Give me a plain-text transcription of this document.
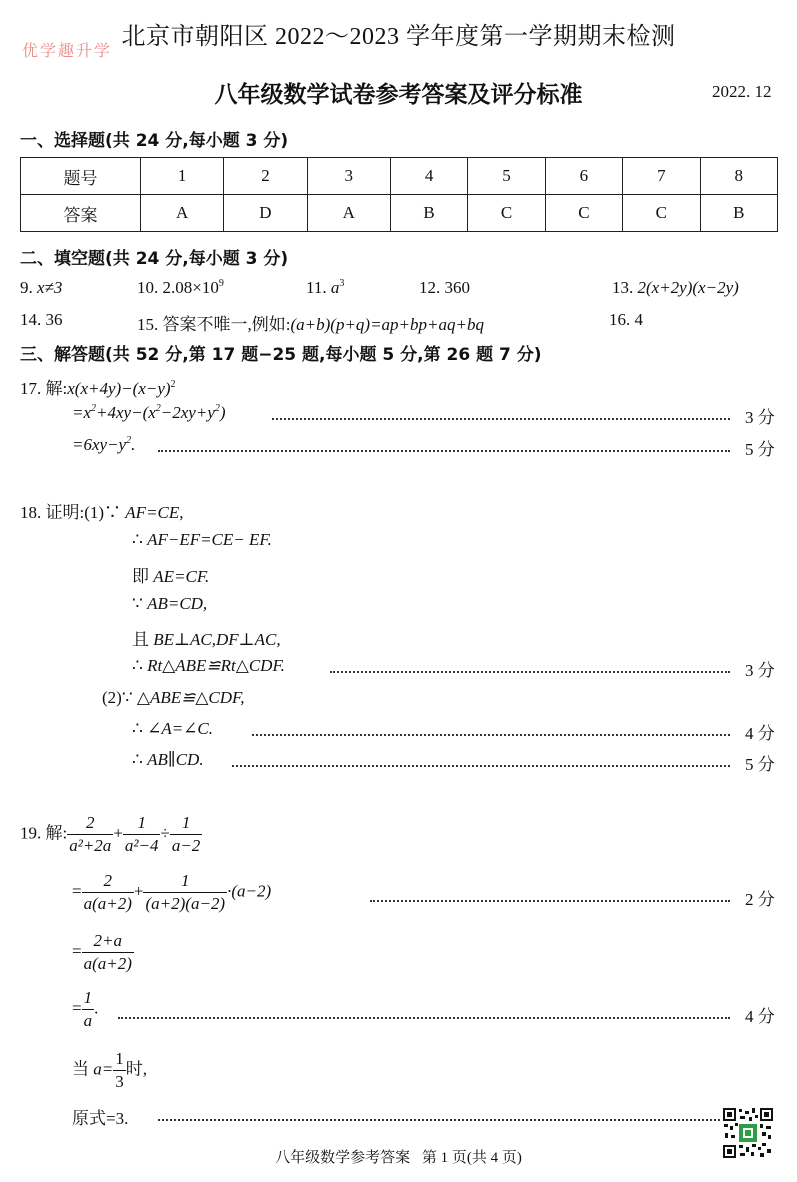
北京市朝阳区 2022～2023 学年度第一学期期末检测
优学趣升学
八年级数学试卷参考答案及评分标准	2022. 12
一、选择题(共 24 分,每小题 3 分)
题号	1	2	3	4	5	6	7	8
答案	A	D	A	B	C	C	C	B
二、填空题(共 24 分,每小题 3 分)
9. x≠3	10. $2.08\times 10^9$	11. $a^3$	12. 360	13. 2(x+2y)(x−2y)
14. 36	15. 答案不唯一,例如:(a+b)(p+q)=ap+bp+aq+bq	16. 4
三、解答题(共 52 分,第 17 题−25 题,每小题 5 分,第 26 题 7 分)
17. 解$:x(x+4y)-(x-y)^2$
$=x^2+4xy-(x^2-2xy+y^2)$	3 分
$=6xy-y^2$.	5 分
18. 证明:(1)∵ AF=CE,
∴ AF−EF=CE− EF.
即 AE=CF.
∵ AB=CD,
且 BE⊥AC,DF⊥AC,
∴ Rt△ABE≌Rt△CDF.	3 分
(2)∵ △ABE≌△CDF,
∴ ∠A=∠C.	4 分
∴ AB∥CD.	5 分
19. 解: $\frac{2}{\text{a²+2a}} + \frac{1}{\text{a²−4}} \div \frac{1}{a-2}$
= $\frac{2}{a(a+2)} + \frac{1}{(a+2)(a-2)} \cdot(a-2)$	2 分
= $\frac{2+a}{a(a+2)}$
= $\frac{1}{a}$ .	4 分
当 $a= \frac{1}{3}$ 时,
原式=3.
八年级数学参考答案 第 1 页(共 4 页)
